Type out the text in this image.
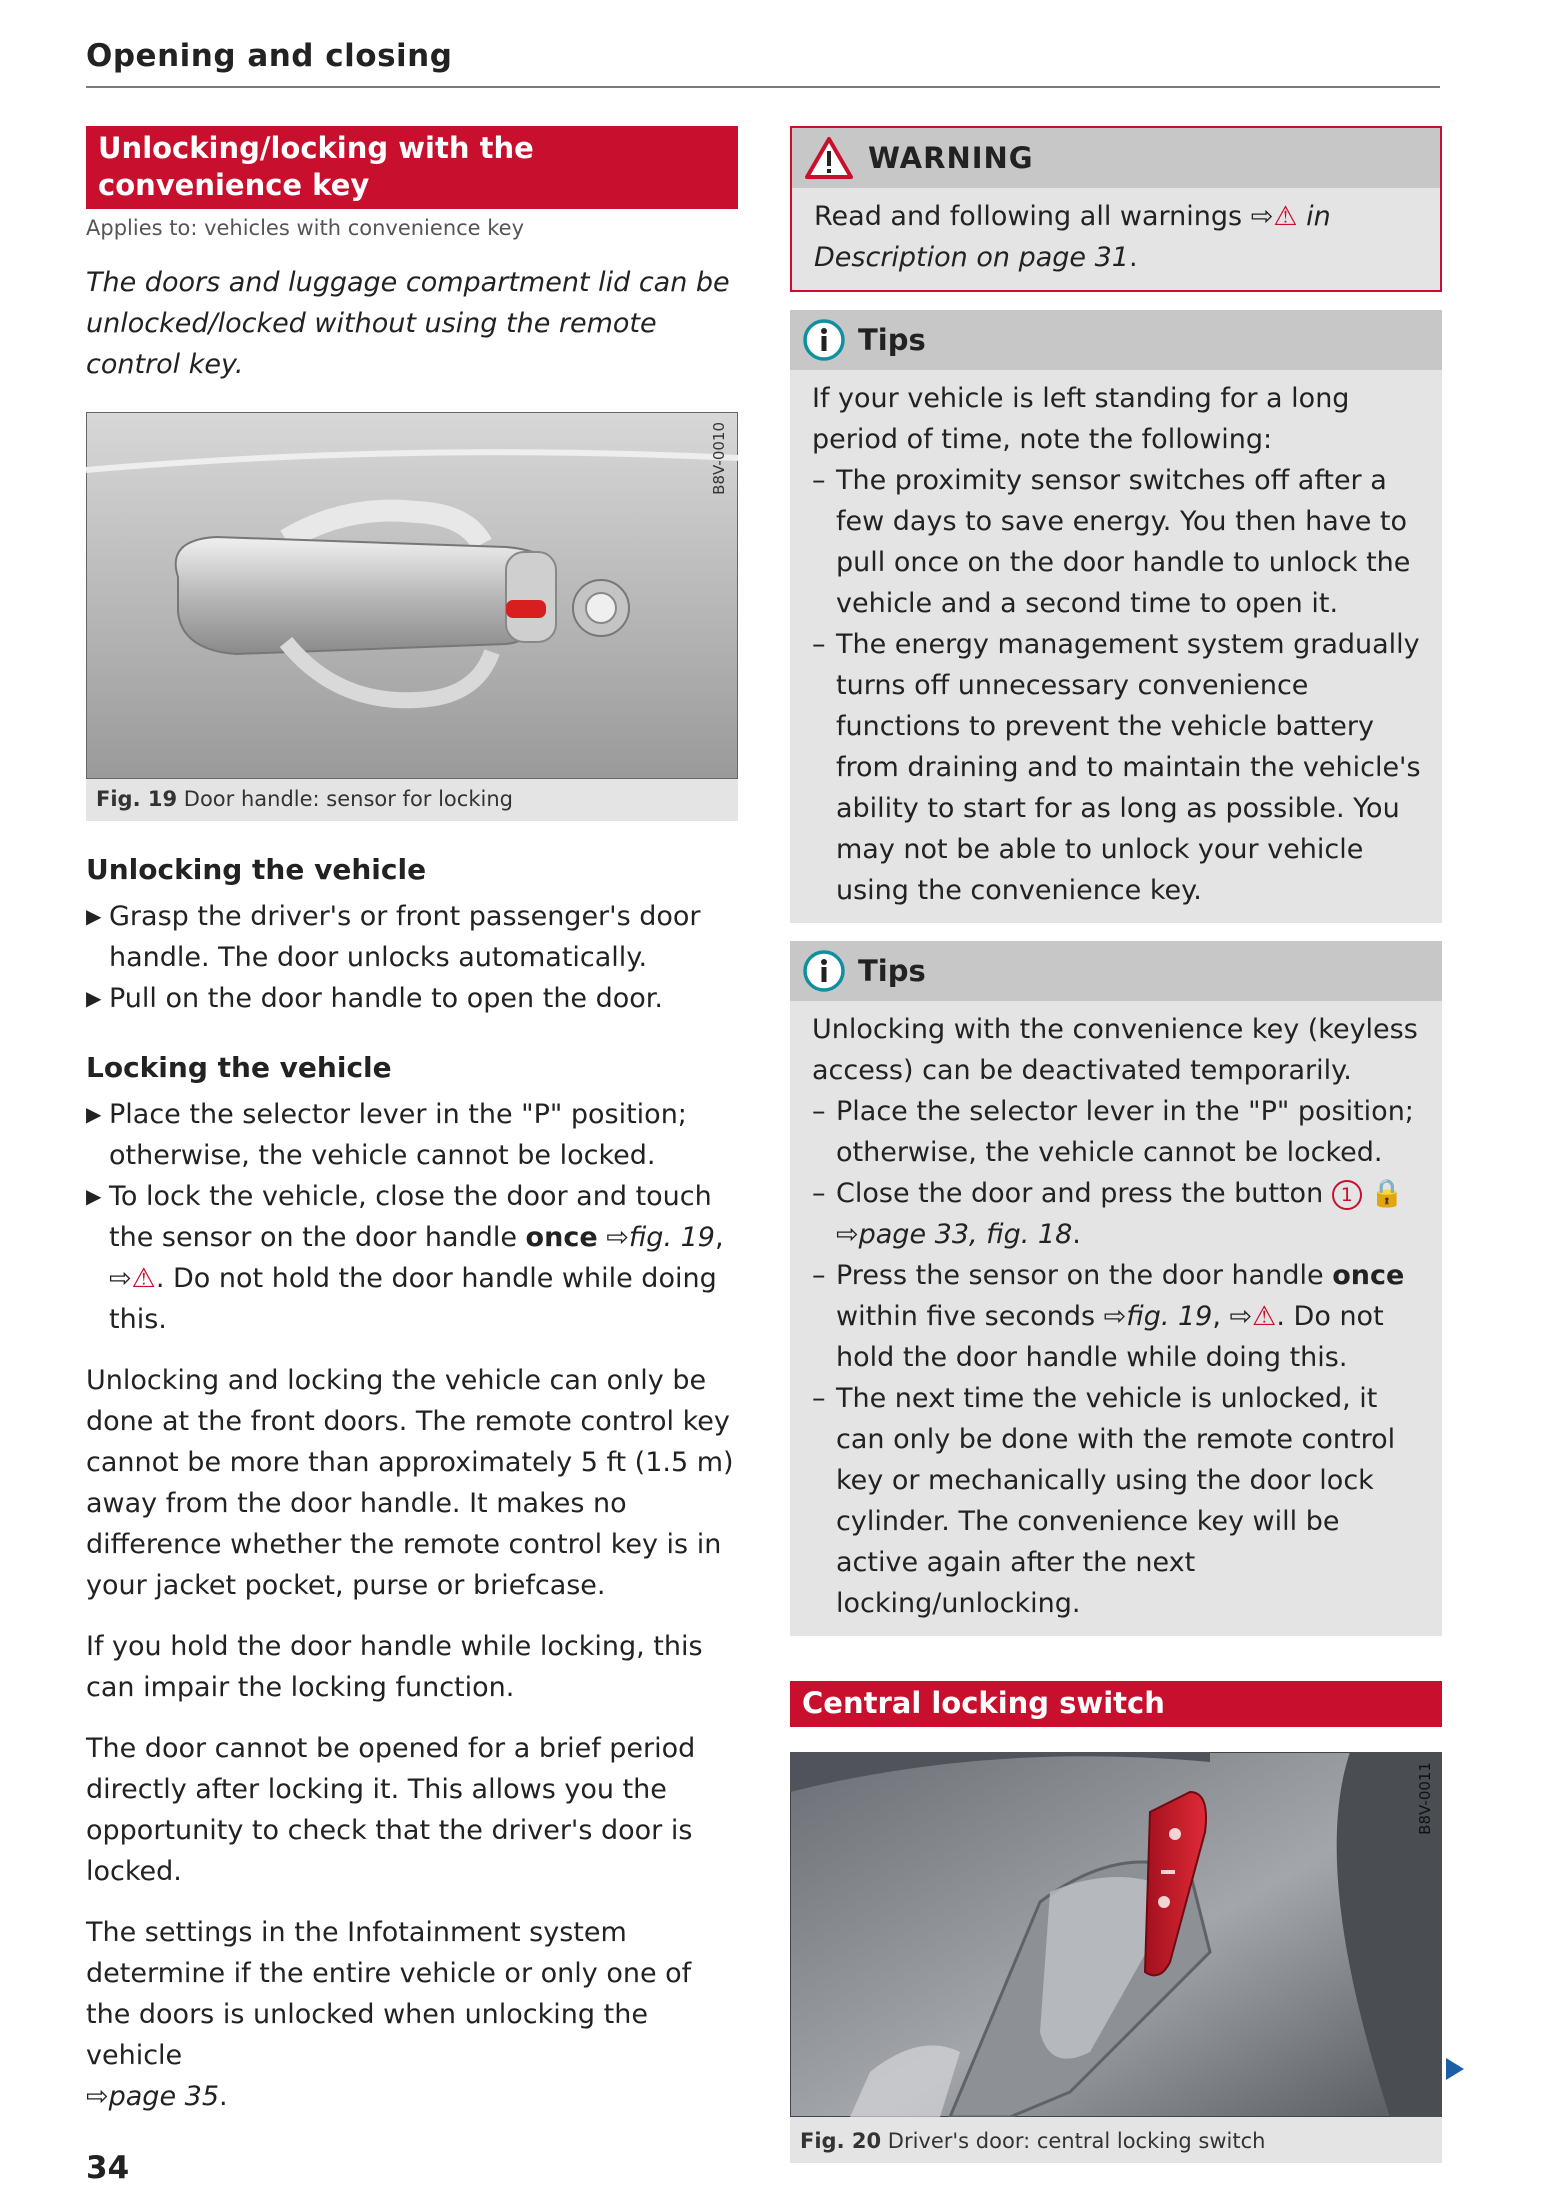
Opening and closing
Unlocking/locking with the convenience key
Applies to: vehicles with convenience key
The doors and luggage compartment lid can be unlocked/locked without using the remote control key.
B8V-0010
Fig. 19 Door handle: sensor for locking
Unlocking the vehicle
▶ Grasp the driver's or front passenger's door handle. The door unlocks automatically.
▶ Pull on the door handle to open the door.
Locking the vehicle
▶ Place the selector lever in the "P" position; otherwise, the vehicle cannot be locked.
▶ To lock the vehicle, close the door and touch the sensor on the door handle once ⇨fig. 19, ⇨⚠. Do not hold the door handle while doing this.

Unlocking and locking the vehicle can only be done at the front doors. The remote control key cannot be more than approximately 5 ft (1.5 m) away from the door handle. It makes no difference whether the remote control key is in your jacket pocket, purse or briefcase.

If you hold the door handle while locking, this can impair the locking function.

The door cannot be opened for a brief period directly after locking it. This allows you the opportunity to check that the driver's door is locked.

The settings in the Infotainment system determine if the entire vehicle or only one of the doors is unlocked when unlocking the vehicle
⇨page 35.

WARNING
Read and following all warnings ⇨⚠ in Description on page 31.
Tips
If your vehicle is left standing for a long period of time, note the following:
– The proximity sensor switches off after a few days to save energy. You then have to pull once on the door handle to unlock the vehicle and a second time to open it.
– The energy management system gradually turns off unnecessary convenience functions to prevent the vehicle battery from draining and to maintain the vehicle's ability to start for as long as possible. You may not be able to unlock your vehicle using the convenience key.
Tips
Unlocking with the convenience key (keyless access) can be deactivated temporarily.
– Place the selector lever in the "P" position; otherwise, the vehicle cannot be locked.
– Close the door and press the button 1 🔒
⇨page 33, fig. 18.
– Press the sensor on the door handle once within five seconds ⇨fig. 19, ⇨⚠. Do not hold the door handle while doing this.
– The next time the vehicle is unlocked, it can only be done with the remote control key or mechanically using the door lock cylinder. The convenience key will be active again after the next locking/unlocking.
Central locking switch
B8V-0011
Fig. 20 Driver's door: central locking switch
34
